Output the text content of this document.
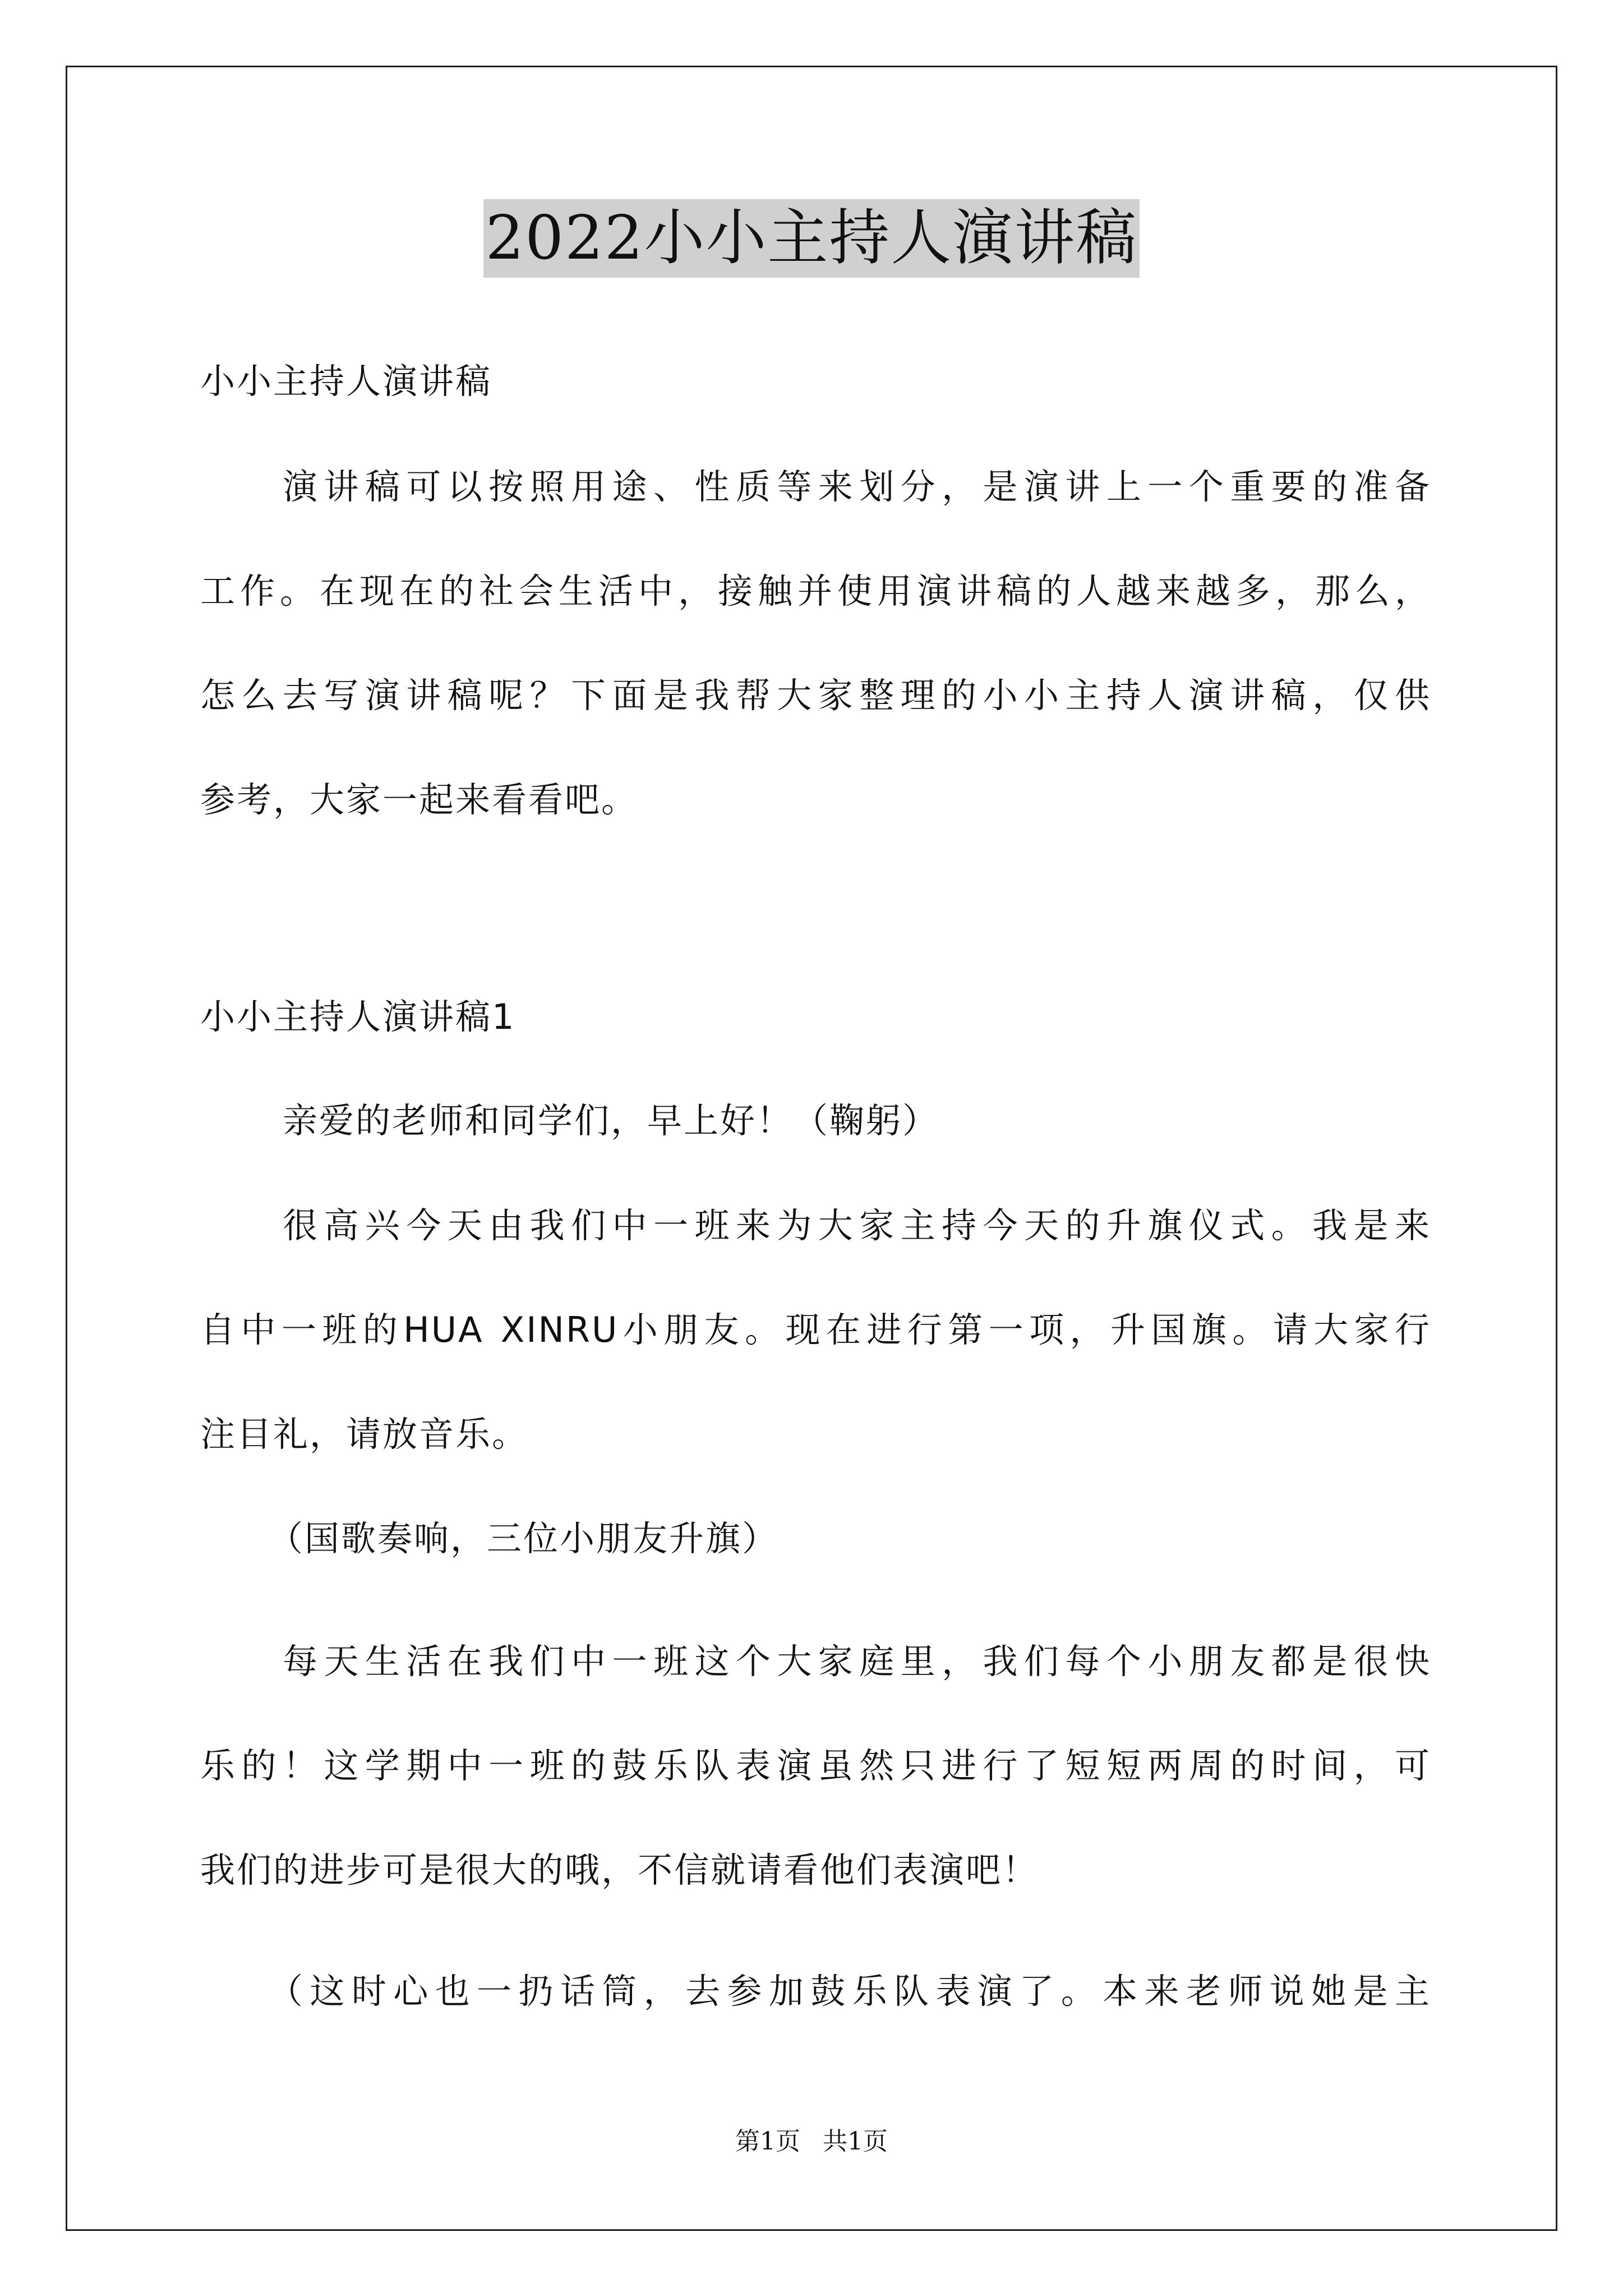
2022小小主持人演讲稿
小小主持人演讲稿
演讲稿可以按照用途、性质等来划分，是演讲上一个重要的准备
工作。在现在的社会生活中，接触并使用演讲稿的人越来越多，那么，
怎么去写演讲稿呢？下面是我帮大家整理的小小主持人演讲稿，仅供
参考，大家一起来看看吧。
小小主持人演讲稿1
亲爱的老师和同学们，早上好！（鞠躬）
很高兴今天由我们中一班来为大家主持今天的升旗仪式。我是来
自中一班的HUA XINRU小朋友。现在进行第一项，升国旗。请大家行
注目礼，请放音乐。
（国歌奏响，三位小朋友升旗）
每天生活在我们中一班这个大家庭里，我们每个小朋友都是很快
乐的！这学期中一班的鼓乐队表演虽然只进行了短短两周的时间，可
我们的进步可是很大的哦，不信就请看他们表演吧！
（这时心也一扔话筒，去参加鼓乐队表演了。本来老师说她是主
第1页 共1页
